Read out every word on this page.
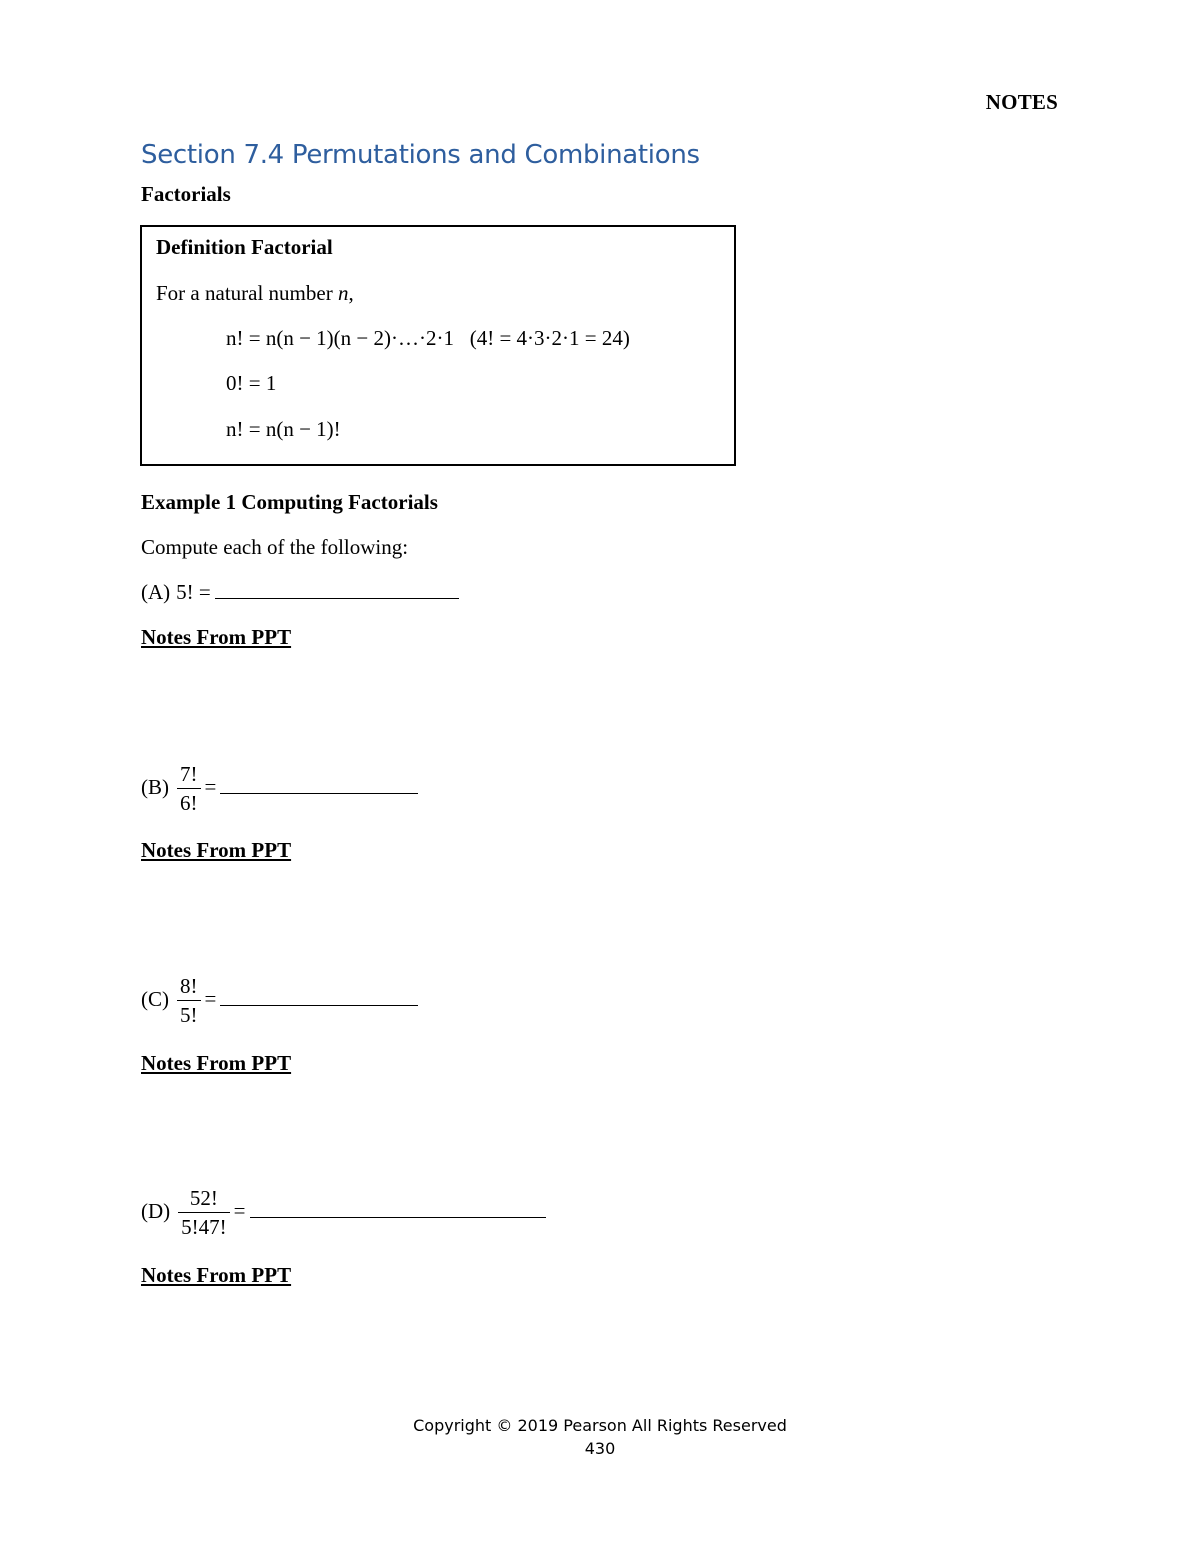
NOTES
Section 7.4 Permutations and Combinations
Factorials
Definition Factorial
For a natural number n,
n! = n(n − 1)(n − 2)·…·2·1   (4! = 4·3·2·1 = 24)
0! = 1
n! = n(n − 1)!
Example 1 Computing Factorials
Compute each of the following:
(A) 5! =
Notes From PPT
$(B) \frac{7!}{6!}$ =
Notes From PPT
$(C) \frac{8!}{5!}$ =
Notes From PPT
$(D) \frac{52!}{5!47!}$ =
Notes From PPT
Copyright © 2019 Pearson All Rights Reserved
430
